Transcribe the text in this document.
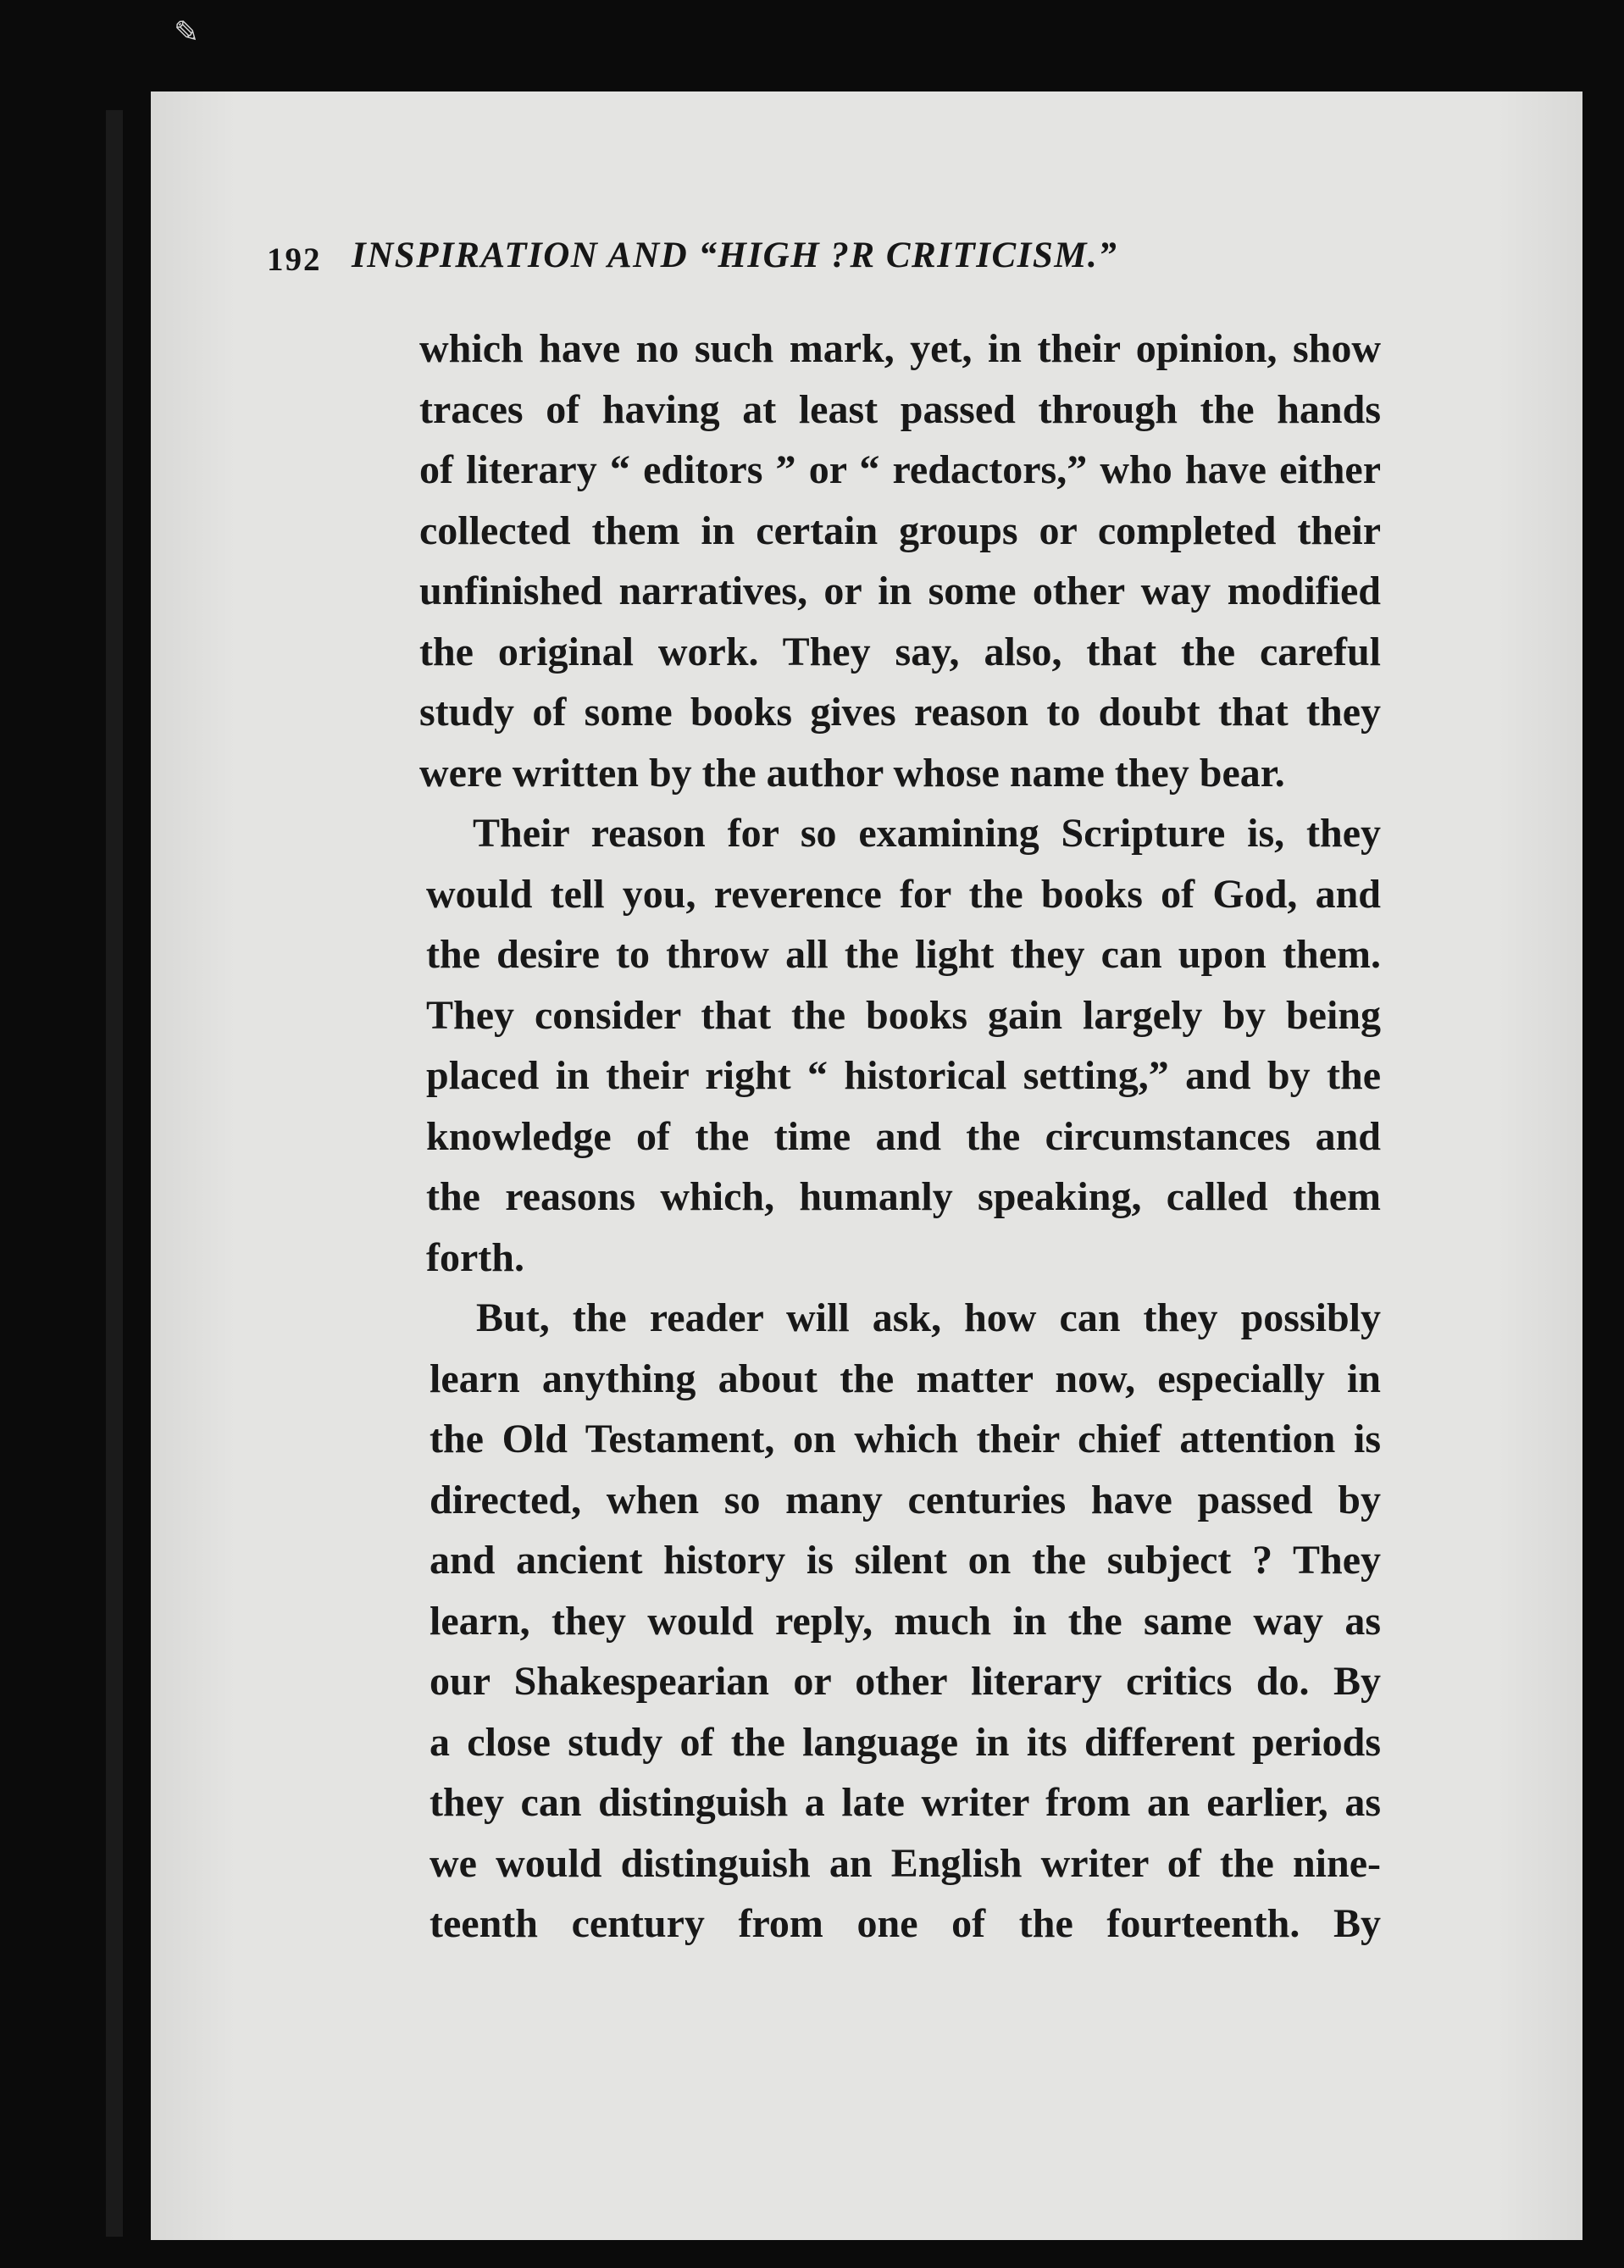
✎
192 INSPIRATION AND “HIGH ?R CRITICISM.”
which have no such mark, yet, in their opinion, show
traces of having at least passed through the hands
of literary “ editors ” or “ redactors,” who have either
collected them in certain groups or completed their
unfinished narratives, or in some other way modified
the original work. They say, also, that the careful
study of some books gives reason to doubt that they
were written by the author whose name they bear.
Their reason for so examining Scripture is, they
would tell you, reverence for the books of God, and
the desire to throw all the light they can upon them.
They consider that the books gain largely by being
placed in their right “ historical setting,” and by the
knowledge of the time and the circumstances and
the reasons which, humanly speaking, called them
forth.
But, the reader will ask, how can they possibly
learn anything about the matter now, especially in
the Old Testament, on which their chief attention is
directed, when so many centuries have passed by
and ancient history is silent on the subject ? They
learn, they would reply, much in the same way as
our Shakespearian or other literary critics do. By
a close study of the language in its different periods
they can distinguish a late writer from an earlier, as
we would distinguish an English writer of the nine-
teenth century from one of the fourteenth. By
